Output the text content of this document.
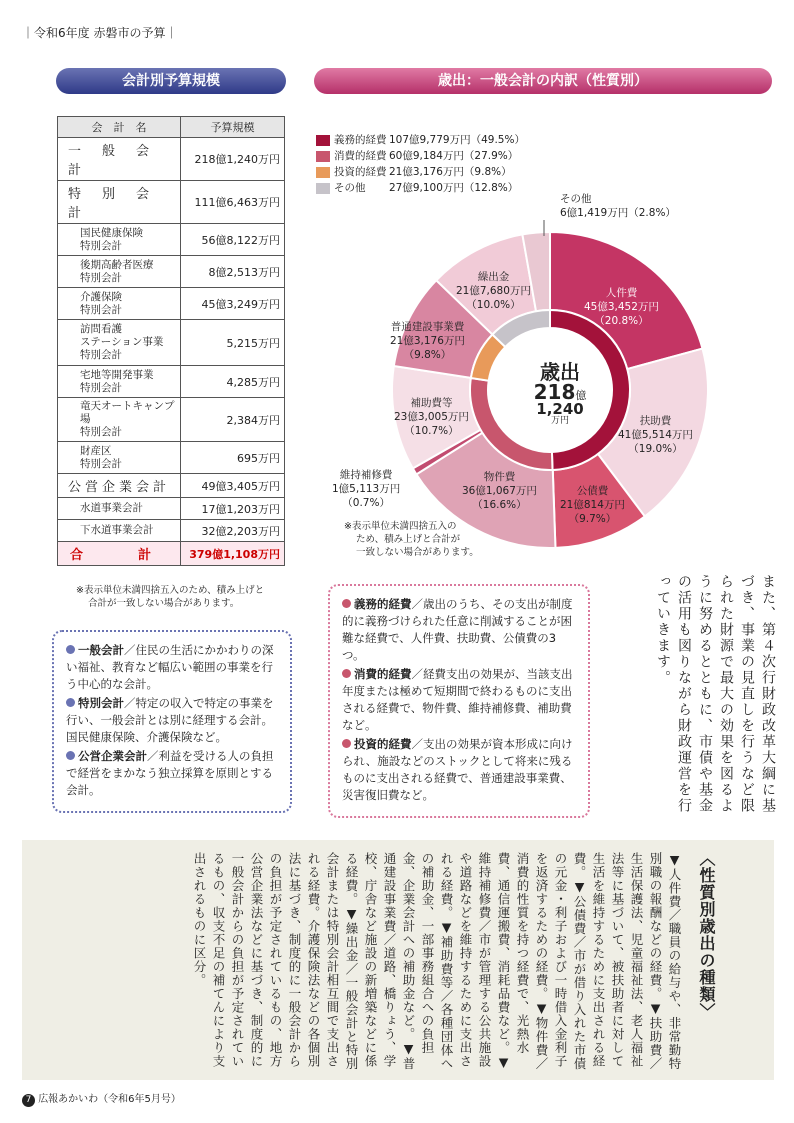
｜令和6年度 赤磐市の予算｜
会計別予算規模	歳出：一般会計の内訳（性質別）
会　計　名	予算規模
一　般　会　計	218億1,240万円
特　別　会　計	111億6,463万円

国民健康保険
特別会計	56億8,122万円

後期高齢者医療
特別会計	8億2,513万円

介護保険
特別会計	45億3,249万円

訪問看護
ステーション事業
特別会計	5,215万円

宅地等開発事業
特別会計	4,285万円

竜天オートキャンプ場
特別会計	2,384万円

財産区
特別会計	695万円
公営企業会計	49億3,405万円

水道事業会計	17億1,203万円

下水道事業会計	32億2,203万円
合　　　計	379億1,108万円
※表示単位未満四捨五入のため、積み上げと
合計が一致しない場合があります。

一般会計／住民の生活にかかわりの深い福祉、教育など幅広い範囲の事業を行う中心的な会計。

特別会計／特定の収入で特定の事業を行い、一般会計とは別に経理する会計。国民健康保険、介護保険など。

公営企業会計／利益を受ける人の負担で経営をまかなう独立採算を原則とする会計。

義務的経費 107億9,779万円（49.5%）
消費的経費 60億9,184万円（27.9%）
投資的経費 21億3,176万円（9.8%）
その他 27億9,100万円（12.8%）
その他
6億1,419万円（2.8%）
人件費
45億3,452万円
（20.8%）
扶助費
41億5,514万円
（19.0%）
公債費
21億814万円
（9.7%）
物件費
36億1,067万円
（16.6%）
維持補修費
1億5,113万円
（0.7%）
補助費等
23億3,005万円
（10.7%）
普通建設事業費
21億3,176万円
（9.8%）
繰出金
21億7,680万円
（10.0%）
歳出
218億
1,240
万円
※表示単位未満四捨五入の
ため、積み上げと合計が
一致しない場合があります。

義務的経費／歳出のうち、その支出が制度的に義務づけられた任意に削減することが困難な経費で、人件費、扶助費、公債費の3つ。

消費的経費／経費支出の効果が、当該支出年度または極めて短期間で終わるものに支出される経費で、物件費、維持補修費、補助費など。

投資的経費／支出の効果が資本形成に向けられ、施設などのストックとして将来に残るものに支出される経費で、普通建設事業費、災害復旧費など。	また、第４次行財政改革大綱に基づき、事業の見直しを行うなど限られた財源で最大の効果を図るように努めるとともに、市債や基金の活用も図りながら財政運営を行っていきます。
〈性質別歳出の種類〉
▼人件費／職員の給与や、非常勤特別職の報酬などの経費。▼扶助費／生活保護法、児童福祉法、老人福祉法等に基づいて、被扶助者に対して生活を維持するために支出される経費。▼公債費／市が借り入れた市債の元金・利子および一時借入金利子を返済するための経費。▼物件費／消費的性質を持つ経費で、光熱水費、通信運搬費、消耗品費など。▼維持補修費／市が管理する公共施設や道路などを維持するために支出される経費。▼補助費等／各種団体への補助金、一部事務組合への負担金、企業会計への補助金など。▼普通建設事業費／道路、橋りょう、学校、庁舎など施設の新増築などに係る経費。▼繰出金／一般会計と特別会計または特別会計相互間で支出される経費。介護保険法などの各個別法に基づき、制度的に一般会計からの負担が予定されているもの、地方公営企業法などに基づき、制度的に一般会計からの負担が予定されているもの、収支不足の補てんにより支出されるものに区分。
7 広報あかいわ（令和6年5月号）
